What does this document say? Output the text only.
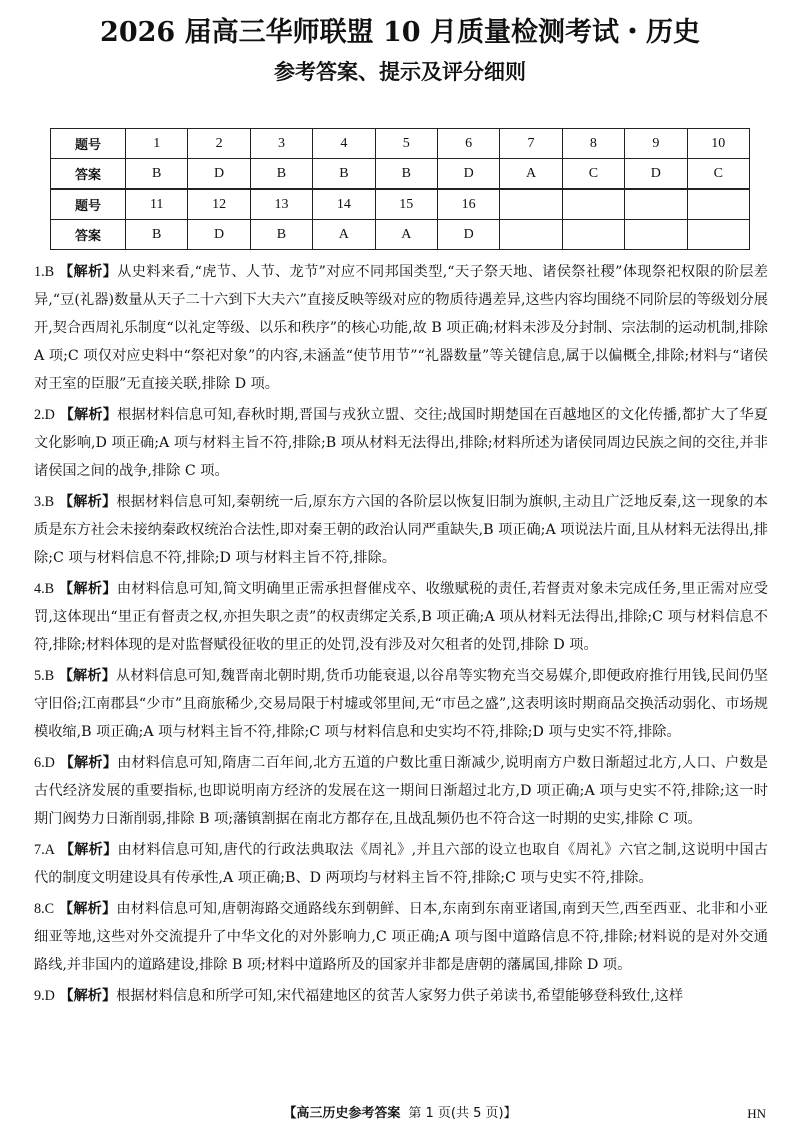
2026 届高三华师联盟 10 月质量检测考试・历史
参考答案、提示及评分细则
题号	1	2	3	4	5	6	7	8	9	10
答案	B	D	B	B	B	D	A	C	D	C
题号	11	12	13	14	15	16				
答案	B	D	B	A	A	D				

1.B 【解析】从史料来看,“虎节、人节、龙节”对应不同邦国类型,“天子祭天地、诸侯祭社稷”体现祭祀权限的阶层差异,“豆(礼器)数量从天子二十六到下大夫六”直接反映等级对应的物质待遇差异,这些内容均围绕不同阶层的等级划分展开,契合西周礼乐制度“以礼定等级、以乐和秩序”的核心功能,故 B 项正确;材料未涉及分封制、宗法制的运动机制,排除 A 项;C 项仅对应史料中“祭祀对象”的内容,未涵盖“使节用节”“礼器数量”等关键信息,属于以偏概全,排除;材料与“诸侯对王室的臣服”无直接关联,排除 D 项。

2.D 【解析】根据材料信息可知,春秋时期,晋国与戎狄立盟、交往;战国时期楚国在百越地区的文化传播,都扩大了华夏文化影响,D 项正确;A 项与材料主旨不符,排除;B 项从材料无法得出,排除;材料所述为诸侯同周边民族之间的交往,并非诸侯国之间的战争,排除 C 项。

3.B 【解析】根据材料信息可知,秦朝统一后,原东方六国的各阶层以恢复旧制为旗帜,主动且广泛地反秦,这一现象的本质是东方社会未接纳秦政权统治合法性,即对秦王朝的政治认同严重缺失,B 项正确;A 项说法片面,且从材料无法得出,排除;C 项与材料信息不符,排除;D 项与材料主旨不符,排除。

4.B 【解析】由材料信息可知,简文明确里正需承担督催戍卒、收缴赋税的责任,若督责对象未完成任务,里正需对应受罚,这体现出“里正有督责之权,亦担失职之责”的权责绑定关系,B 项正确;A 项从材料无法得出,排除;C 项与材料信息不符,排除;材料体现的是对监督赋役征收的里正的处罚,没有涉及对欠租者的处罚,排除 D 项。

5.B 【解析】从材料信息可知,魏晋南北朝时期,货币功能衰退,以谷帛等实物充当交易媒介,即便政府推行用钱,民间仍坚守旧俗;江南郡县“少市”且商旅稀少,交易局限于村墟或邻里间,无“市邑之盛”,这表明该时期商品交换活动弱化、市场规模收缩,B 项正确;A 项与材料主旨不符,排除;C 项与材料信息和史实均不符,排除;D 项与史实不符,排除。

6.D 【解析】由材料信息可知,隋唐二百年间,北方五道的户数比重日渐减少,说明南方户数日渐超过北方,人口、户数是古代经济发展的重要指标,也即说明南方经济的发展在这一期间日渐超过北方,D 项正确;A 项与史实不符,排除;这一时期门阀势力日渐削弱,排除 B 项;藩镇割据在南北方都存在,且战乱频仍也不符合这一时期的史实,排除 C 项。

7.A 【解析】由材料信息可知,唐代的行政法典取法《周礼》,并且六部的设立也取自《周礼》六官之制,这说明中国古代的制度文明建设具有传承性,A 项正确;B、D 两项均与材料主旨不符,排除;C 项与史实不符,排除。

8.C 【解析】由材料信息可知,唐朝海路交通路线东到朝鲜、日本,东南到东南亚诸国,南到天竺,西至西亚、北非和小亚细亚等地,这些对外交流提升了中华文化的对外影响力,C 项正确;A 项与图中道路信息不符,排除;材料说的是对外交通路线,并非国内的道路建设,排除 B 项;材料中道路所及的国家并非都是唐朝的藩属国,排除 D 项。

9.D 【解析】根据材料信息和所学可知,宋代福建地区的贫苦人家努力供子弟读书,希望能够登科致仕,这样

【高三历史参考答案 第 1 页(共 5 页)】	HN
